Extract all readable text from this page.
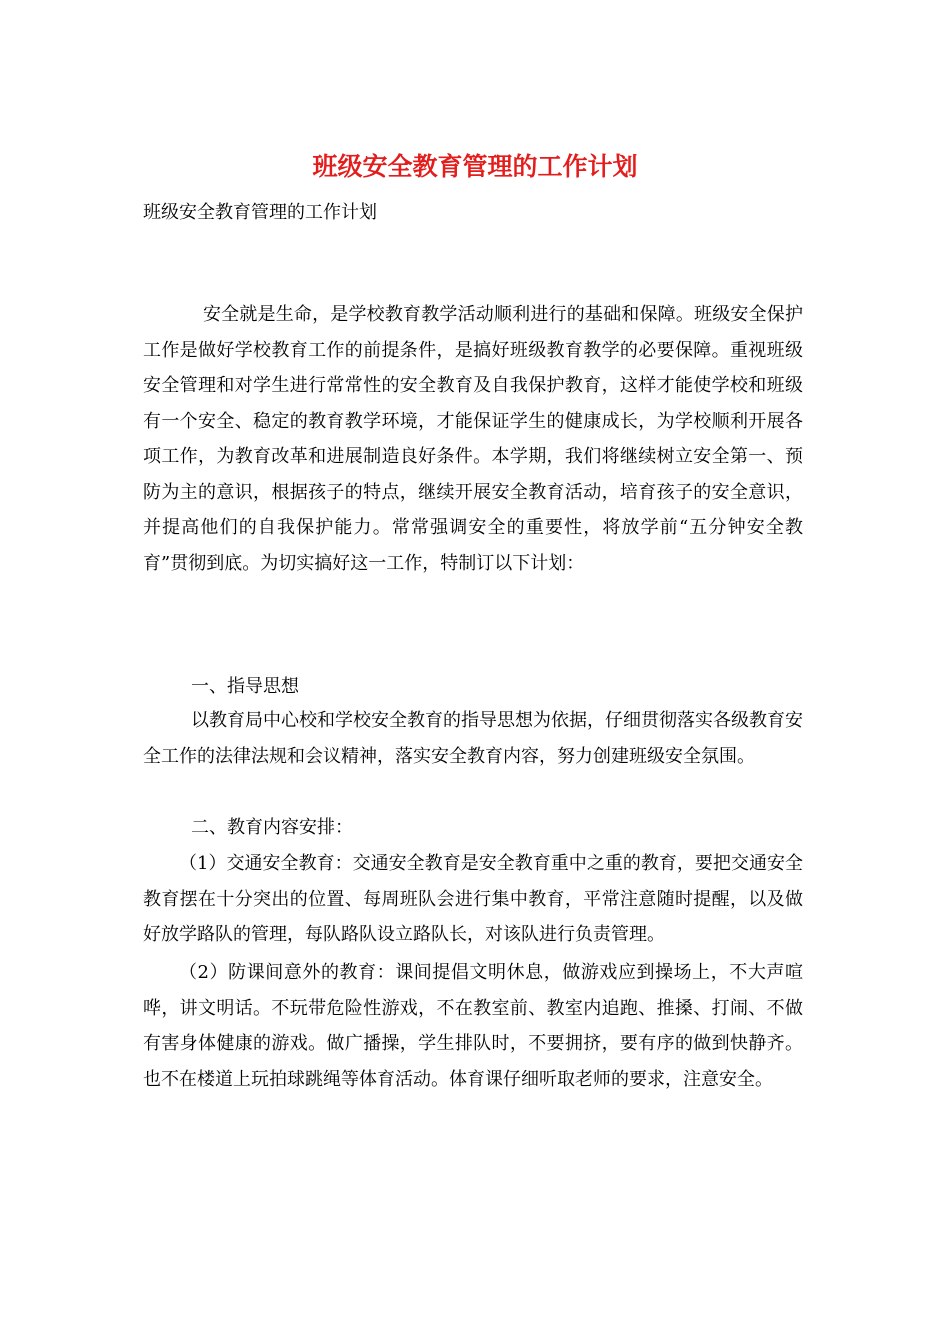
班级安全教育管理的工作计划

班级安全教育管理的工作计划

安全就是生命，是学校教育教学活动顺利进行的基础和保障。班级安全保护工作是做好学校教育工作的前提条件，是搞好班级教育教学的必要保障。重视班级安全管理和对学生进行常常性的安全教育及自我保护教育，这样才能使学校和班级有一个安全、稳定的教育教学环境，才能保证学生的健康成长，为学校顺利开展各项工作，为教育改革和进展制造良好条件。本学期，我们将继续树立安全第一、预防为主的意识，根据孩子的特点，继续开展安全教育活动，培育孩子的安全意识，并提高他们的自我保护能力。常常强调安全的重要性，将放学前“五分钟安全教育”贯彻到底。为切实搞好这一工作，特制订以下计划：

一、指导思想

以教育局中心校和学校安全教育的指导思想为依据，仔细贯彻落实各级教育安全工作的法律法规和会议精神，落实安全教育内容，努力创建班级安全氛围。

二、教育内容安排：

（1）交通安全教育：交通安全教育是安全教育重中之重的教育，要把交通安全教育摆在十分突出的位置、每周班队会进行集中教育，平常注意随时提醒，以及做好放学路队的管理，每队路队设立路队长，对该队进行负责管理。

（2）防课间意外的教育：课间提倡文明休息，做游戏应到操场上，不大声喧哗，讲文明话。不玩带危险性游戏，不在教室前、教室内追跑、推搡、打闹、不做有害身体健康的游戏。做广播操，学生排队时，不要拥挤，要有序的做到快静齐。也不在楼道上玩拍球跳绳等体育活动。体育课仔细听取老师的要求，注意安全。
